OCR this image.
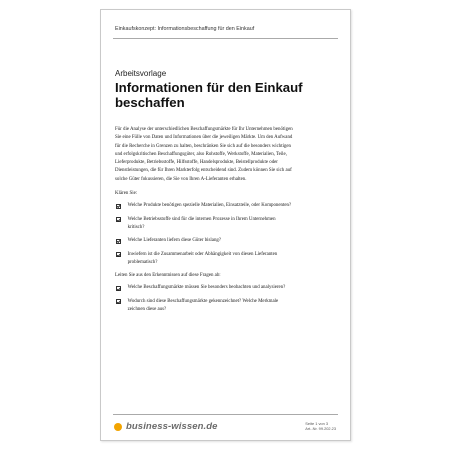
Einkaufskonzept: Informationsbeschaffung für den Einkauf
Arbeitsvorlage
Informationen für den Einkauf beschaffen

Für die Analyse der unterschiedlichen Beschaffungsmärkte für Ihr Unternehmen benötigen Sie eine Fülle von Daten und Informationen über die jeweiligen Märkte. Um den Aufwand für die Recherche in Grenzen zu halten, beschränken Sie sich auf die besonders wichtigen und erfolgskritischen Beschaffungsgüter, also Rohstoffe, Werkstoffe, Materialien, Teile, Lieferprodukte, Betriebsstoffe, Hilfsstoffe, Handelsprodukte, Beistellprodukte oder Dienstleistungen, die für Ihren Markterfolg entscheidend sind. Zudem können Sie sich auf solche Güter fokussieren, die Sie von Ihren A-Lieferanten erhalten.

Klären Sie:

Welche Produkte benötigen spezielle Materialien, Einsatzteile, oder Komponenten?
Welche Betriebsstoffe sind für die internen Prozesse in Ihrem Unternehmen kritisch?
Welche Lieferanten liefern diese Güter bislang?
Inwiefern ist die Zusammenarbeit oder Abhängigkeit von diesen Lieferanten problematisch?

Leiten Sie aus den Erkenntnissen auf diese Fragen ab:

Welche Beschaffungsmärkte müssen Sie besonders beobachten und analysieren?
Wodurch sind diese Beschaffungsmärkte gekennzeichnet? Welche Merkmale zeichnen diese aus?
business-wissen.de	Seite 1 von 3
Art.-Nr. 99.202.23
